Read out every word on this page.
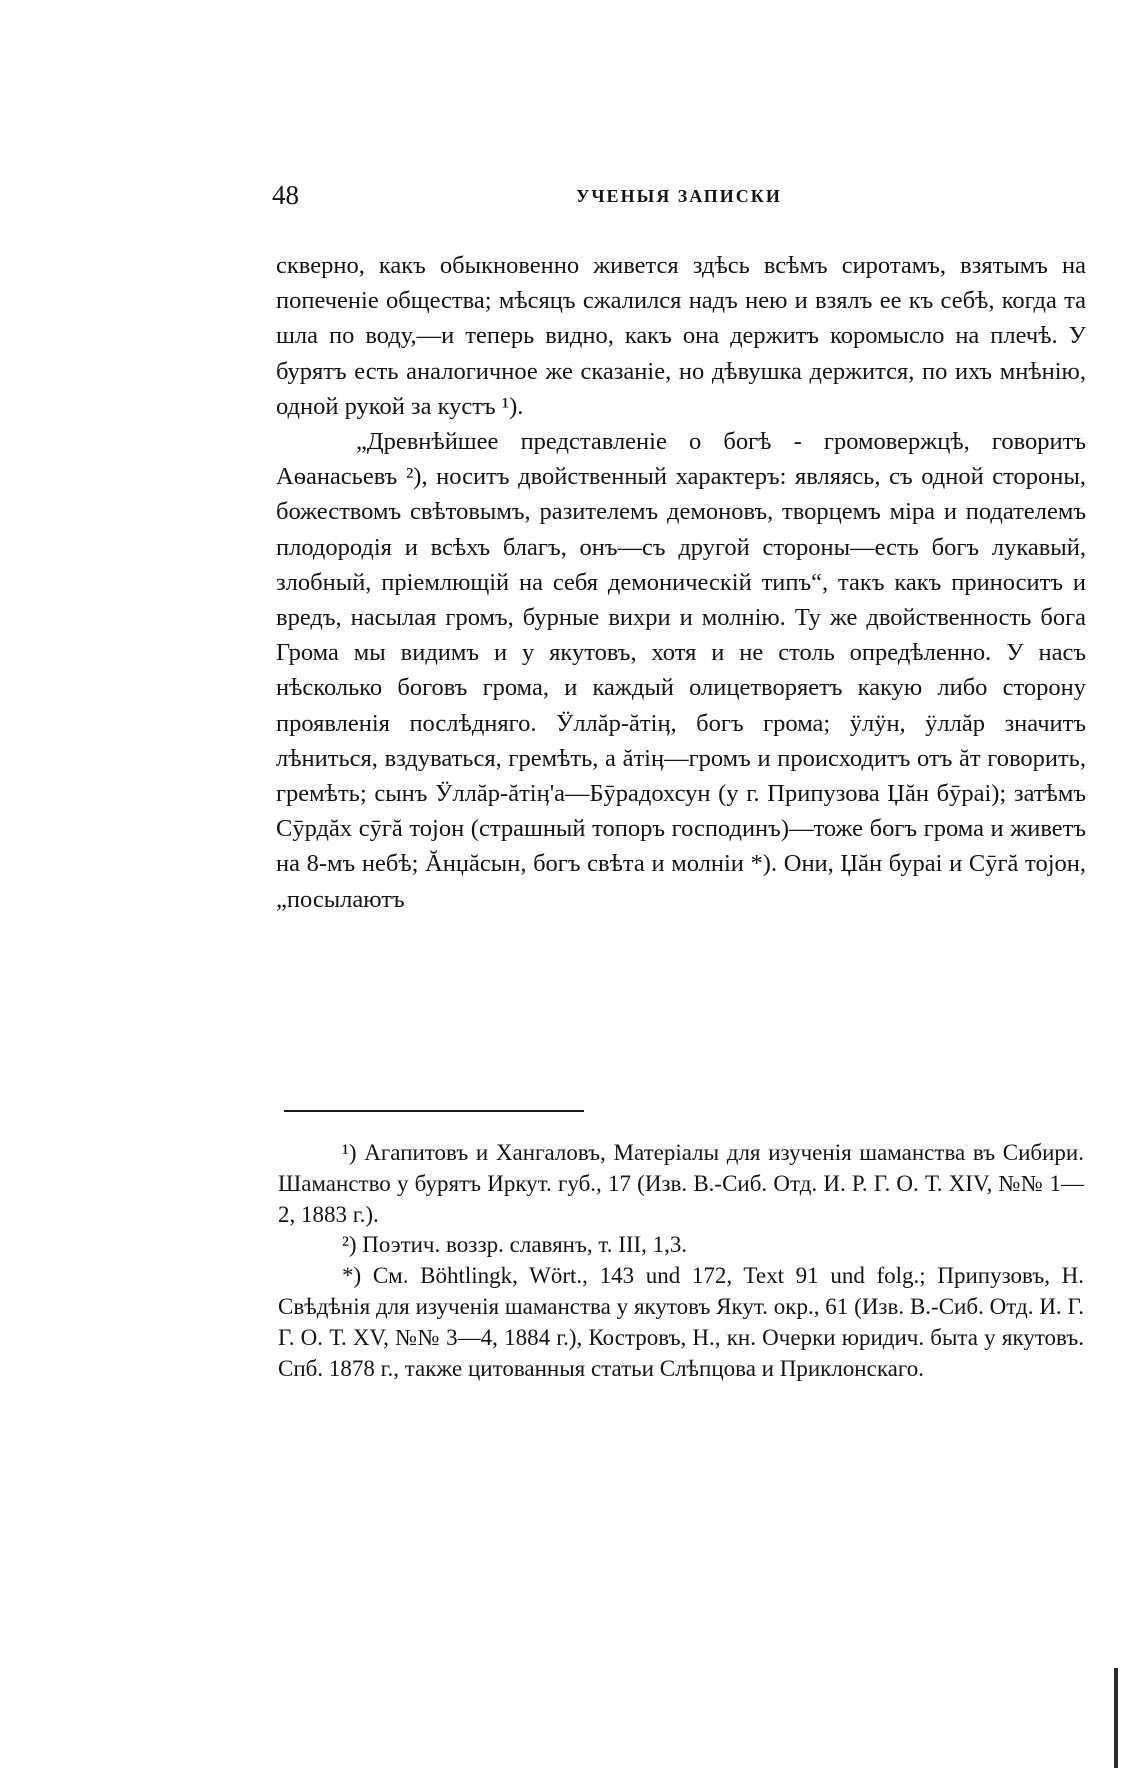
48	УЧЕНЫЯ ЗАПИСКИ

скверно, какъ обыкновенно живется здѣсь всѣмъ сиротамъ, взятымъ на попеченіе общества; мѣсяцъ сжалился надъ нею и взялъ ее къ себѣ, когда та шла по воду,—и теперь видно, какъ она держитъ коромысло на плечѣ. У бурятъ есть аналогичное же сказаніе, но дѣвушка держится, по ихъ мнѣнію, одной рукой за кустъ ¹).

„Древнѣйшее представленіе о богѣ - громовержцѣ, говоритъ Аѳанасьевъ ²), носитъ двойственный характеръ: являясь, съ одной стороны, божествомъ свѣтовымъ, разителемъ демоновъ, творцемъ міра и подателемъ плодородія и всѣхъ благъ, онъ—съ другой стороны—есть богъ лукавый, злобный, пріемлющій на себя демоническій типъ“, такъ какъ приноситъ и вредъ, насылая громъ, бурные вихри и молнію. Ту же двойственность бога Грома мы видимъ и у якутовъ, хотя и не столь опредѣленно. У насъ нѣсколько боговъ грома, и каждый олицетворяетъ какую либо сторону проявленія послѣдняго. Ӱллăр-ăтiӊ, богъ грома; ӱлӱн, ӱллăр значитъ лѣниться, вздуваться, гремѣть, а ăтiӊ—громъ и происходитъ отъ ăт говорить, гремѣть; сынъ Ӱллăр-ăтiӊ'а—Бӯрадохсун (у г. Припузова Џăн бӯраi); затѣмъ Сӯрдăх сӯгă тоjон (страшный топоръ господинъ)—тоже богъ грома и живетъ на 8-мъ небѣ; Ăнџăсын, богъ свѣта и молніи *). Они, Џăн бураi и Сӯгă тоjон, „посылаютъ

¹) Агапитовъ и Хангаловъ, Матеріалы для изученія шаманства въ Сибири. Шаманство у бурятъ Иркут. губ., 17 (Изв. В.-Сиб. Отд. И. Р. Г. О. Т. XIV, №№ 1—2, 1883 г.).

²) Поэтич. воззр. славянъ, т. III, 1,3.

*) См. Böhtlingk, Wört., 143 und 172, Text 91 und folg.; Припузовъ, Н. Свѣдѣнія для изученія шаманства у якутовъ Якут. окр., 61 (Изв. В.-Сиб. Отд. И. Г. Г. О. Т. XV, №№ 3—4, 1884 г.), Костровъ, Н., кн. Очерки юридич. быта у якутовъ. Спб. 1878 г., также цитованныя статьи Слѣпцова и Приклонскаго.
